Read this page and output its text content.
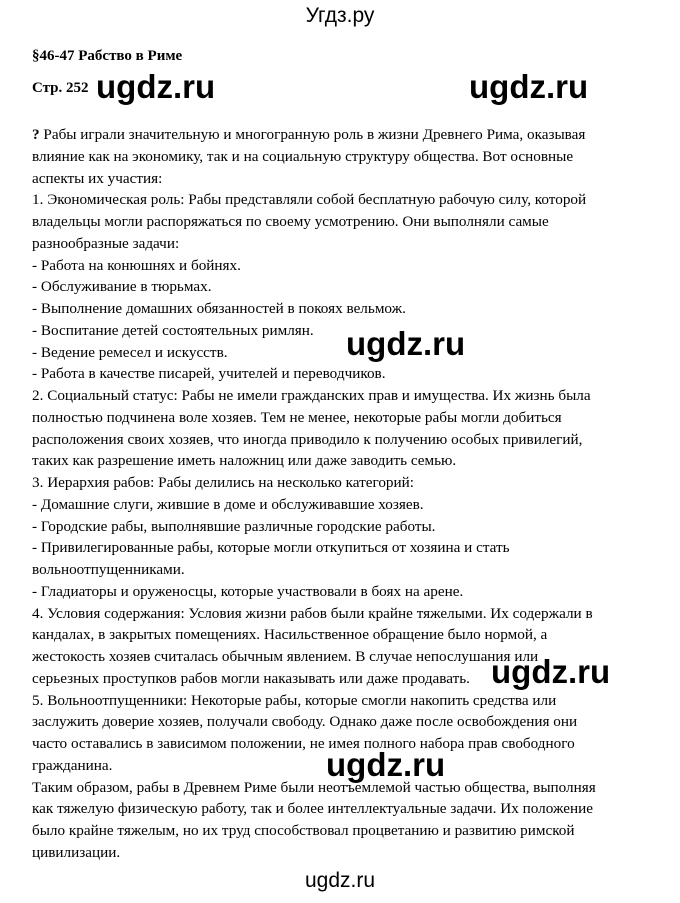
Угдз.ру
§46-47 Рабство в Риме
Стр. 252
? Рабы играли значительную и многогранную роль в жизни Древнего Рима, оказывая
влияние как на экономику, так и на социальную структуру общества. Вот основные
аспекты их участия:
1. Экономическая роль: Рабы представляли собой бесплатную рабочую силу, которой
владельцы могли распоряжаться по своему усмотрению. Они выполняли самые
разнообразные задачи:
- Работа на конюшнях и бойнях.
- Обслуживание в тюрьмах.
- Выполнение домашних обязанностей в покоях вельмож.
- Воспитание детей состоятельных римлян.
- Ведение ремесел и искусств.
- Работа в качестве писарей, учителей и переводчиков.
2. Социальный статус: Рабы не имели гражданских прав и имущества. Их жизнь была
полностью подчинена воле хозяев. Тем не менее, некоторые рабы могли добиться
расположения своих хозяев, что иногда приводило к получению особых привилегий,
таких как разрешение иметь наложниц или даже заводить семью.
3. Иерархия рабов: Рабы делились на несколько категорий:
- Домашние слуги, жившие в доме и обслуживавшие хозяев.
- Городские рабы, выполнявшие различные городские работы.
- Привилегированные рабы, которые могли откупиться от хозяина и стать
вольноотпущенниками.
- Гладиаторы и оруженосцы, которые участвовали в боях на арене.
4. Условия содержания: Условия жизни рабов были крайне тяжелыми. Их содержали в
кандалах, в закрытых помещениях. Насильственное обращение было нормой, а
жестокость хозяев считалась обычным явлением. В случае непослушания или
серьезных проступков рабов могли наказывать или даже продавать.
5. Вольноотпущенники: Некоторые рабы, которые смогли накопить средства или
заслужить доверие хозяев, получали свободу. Однако даже после освобождения они
часто оставались в зависимом положении, не имея полного набора прав свободного
гражданина.
Таким образом, рабы в Древнем Риме были неотъемлемой частью общества, выполняя
как тяжелую физическую работу, так и более интеллектуальные задачи. Их положение
было крайне тяжелым, но их труд способствовал процветанию и развитию римской
цивилизации.
ugdz.ru	ugdz.ru
ugdz.ru
ugdz.ru
ugdz.ru
ugdz.ru
